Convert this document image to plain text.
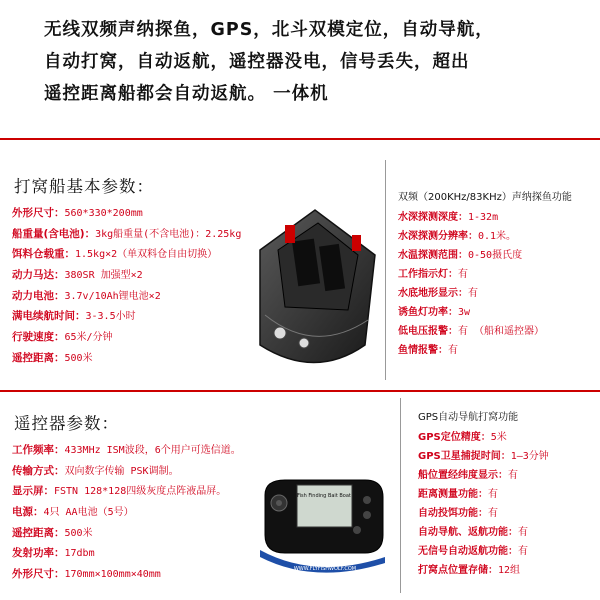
无线双频声纳探鱼，GPS，北斗双模定位，自动导航，
自动打窝，自动返航，遥控器没电，信号丢失，超出
遥控距离船都会自动返航。 一体机
打窝船基本参数：
外形尺寸：560*330*200mm
船重量(含电池)：3kg船重量(不含电池)：2.25kg
饵料仓载重：1.5kg×2（单双料仓自由切换）
动力马达：380SR 加强型×2
动力电池：3.7v/10Ah锂电池×2
满电续航时间：3-3.5小时
行驶速度：65米/分钟
遥控距离：500米
双频（200KHz/83KHz）声纳探鱼功能
水深探测深度：1-32m
水深探测分辨率：0.1米。
水温探测范围：0-50摄氏度
工作指示灯：有
水底地形显示：有
诱鱼灯功率：3w
低电压报警：有 （船和遥控器）
鱼情报警：有
遥控器参数：
工作频率：433MHz ISM波段，6个用户可选信道。
传输方式：双向数字传输 PSK调制。
显示屏：FSTN 128*128四级灰度点阵液晶屏。
电源：4只 AA电池（5号）
遥控距离：500米
发射功率：17dbm
外形尺寸：170mm×100mm×40mm
Fish Finding Bait Boat
WWW.FLYFISHWOLF.COM
GPS自动导航打窝功能
GPS定位精度：5米
GPS卫星捕捉时间：1—3分钟
船位置经纬度显示：有
距离测量功能：有
自动投饵功能：有
自动导航、返航功能：有
无信号自动返航功能：有
打窝点位置存储：12组
